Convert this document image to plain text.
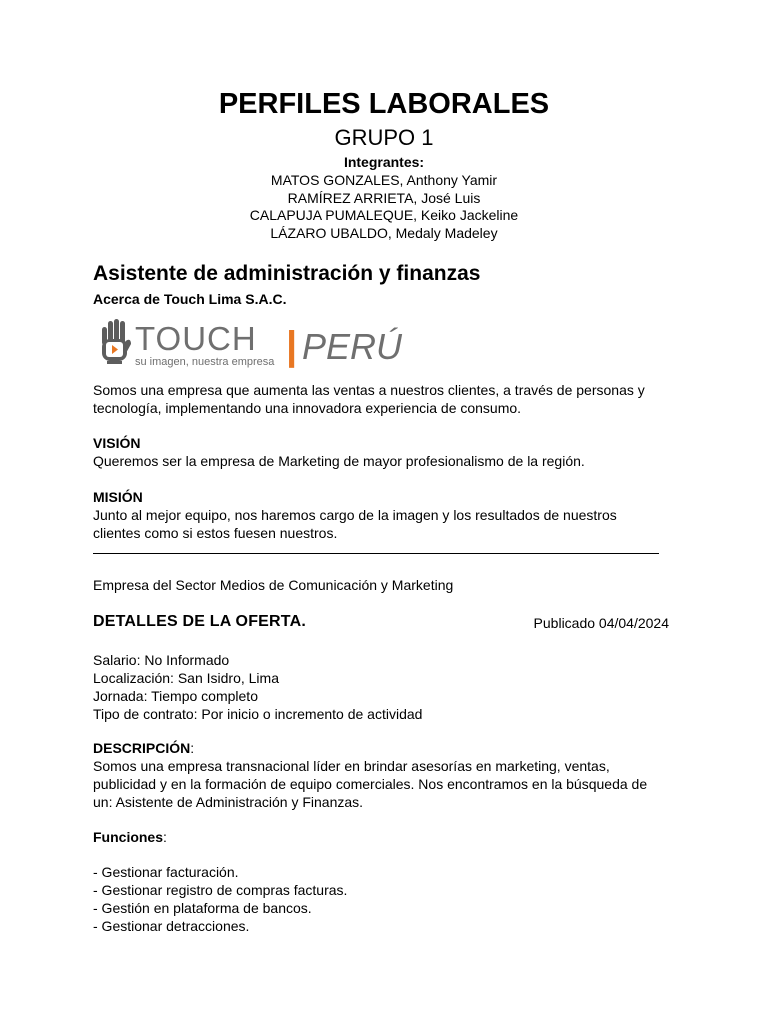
PERFILES LABORALES
GRUPO 1
Integrantes:
MATOS GONZALES, Anthony Yamir
RAMÍREZ ARRIETA, José Luis
CALAPUJA PUMALEQUE, Keiko Jackeline
LÁZARO UBALDO, Medaly Madeley
Asistente de administración y finanzas
Acerca de Touch Lima S.A.C.
TOUCH
su imagen, nuestra empresa | PERÚ
Somos una empresa que aumenta las ventas a nuestros clientes, a través de personas y
tecnología, implementando una innovadora experiencia de consumo.
VISIÓN
Queremos ser la empresa de Marketing de mayor profesionalismo de la región.
MISIÓN
Junto al mejor equipo, nos haremos cargo de la imagen y los resultados de nuestros
clientes como si estos fuesen nuestros.
Empresa del Sector Medios de Comunicación y Marketing
DETALLES DE LA OFERTA.	Publicado 04/04/2024
Salario: No Informado
Localización: San Isidro, Lima
Jornada: Tiempo completo
Tipo de contrato: Por inicio o incremento de actividad
DESCRIPCIÓN:
Somos una empresa transnacional líder en brindar asesorías en marketing, ventas,
publicidad y en la formación de equipo comerciales. Nos encontramos en la búsqueda de
un: Asistente de Administración y Finanzas.
Funciones:
- Gestionar facturación.
- Gestionar registro de compras facturas.
- Gestión en plataforma de bancos.
- Gestionar detracciones.
